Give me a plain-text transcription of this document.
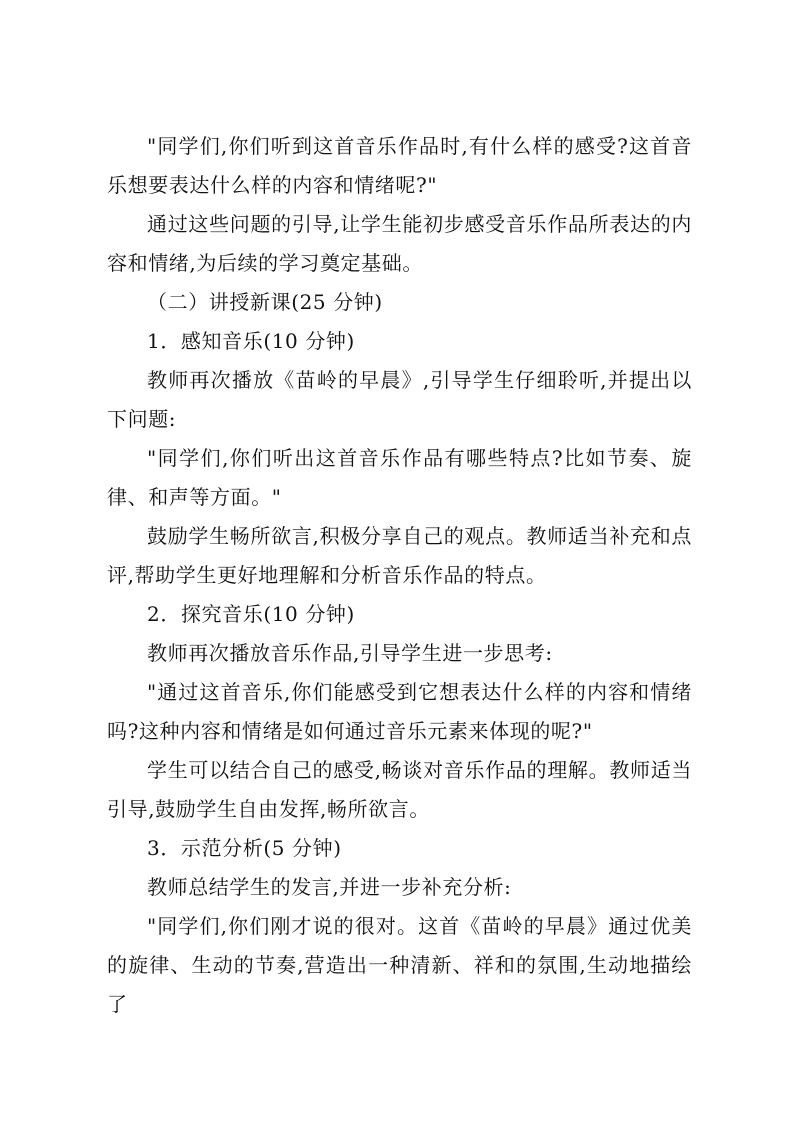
"同学们,你们听到这首音乐作品时,有什么样的感受?这首音乐想要表达什么样的内容和情绪呢?"

通过这些问题的引导,让学生能初步感受音乐作品所表达的内容和情绪,为后续的学习奠定基础。

（二）讲授新课(25 分钟)

1．感知音乐(10 分钟)

教师再次播放《苗岭的早晨》,引导学生仔细聆听,并提出以下问题:

"同学们,你们听出这首音乐作品有哪些特点?比如节奏、旋律、和声等方面。"

鼓励学生畅所欲言,积极分享自己的观点。教师适当补充和点评,帮助学生更好地理解和分析音乐作品的特点。

2．探究音乐(10 分钟)

教师再次播放音乐作品,引导学生进一步思考:

"通过这首音乐,你们能感受到它想表达什么样的内容和情绪吗?这种内容和情绪是如何通过音乐元素来体现的呢?"

学生可以结合自己的感受,畅谈对音乐作品的理解。教师适当引导,鼓励学生自由发挥,畅所欲言。

3．示范分析(5 分钟)

教师总结学生的发言,并进一步补充分析:

"同学们,你们刚才说的很对。这首《苗岭的早晨》通过优美的旋律、生动的节奏,营造出一种清新、祥和的氛围,生动地描绘了
